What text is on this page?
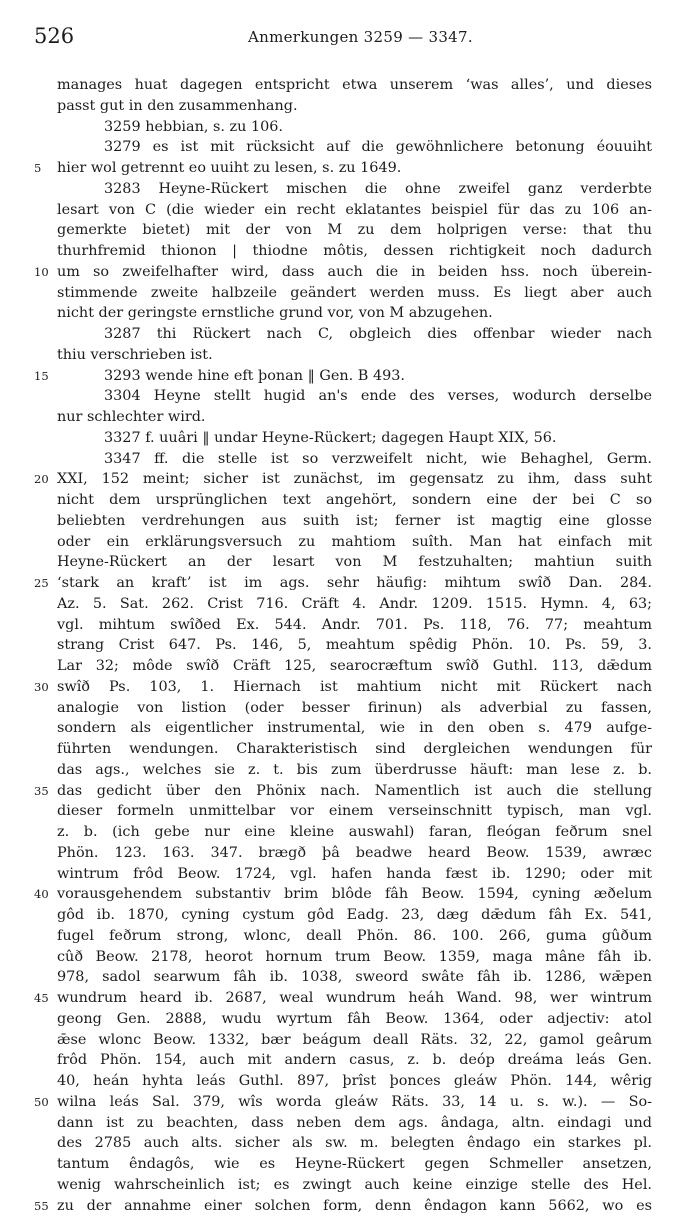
526	Anmerkungen 3259 — 3347.
manages huat dagegen entspricht etwa unserem ‘was alles’, und dieses
passt gut in den zusammenhang.
3259 hebbian, s. zu 106.
3279 es ist mit rücksicht auf die gewöhnlichere betonung éouuiht
5	hier wol getrennt eo uuiht zu lesen, s. zu 1649.
3283 Heyne-Rückert mischen die ohne zweifel ganz verderbte
lesart von C (die wieder ein recht eklatantes beispiel für das zu 106 an-
gemerkte bietet) mit der von M zu dem holprigen verse: that thu
thurhfremid thionon | thiodne môtis, dessen richtigkeit noch dadurch
10 um so zweifelhafter wird, dass auch die in beiden hss. noch überein-
stimmende zweite halbzeile geändert werden muss. Es liegt aber auch
nicht der geringste ernstliche grund vor, von M abzugehen.
3287 thi Rückert nach C, obgleich dies offenbar wieder nach
thiu verschrieben ist.
15	3293 wende hine eft þonan ‖ Gen. B 493.
3304 Heyne stellt hugid an's ende des verses, wodurch derselbe
nur schlechter wird.
3327 f. uuâri ‖ undar Heyne-Rückert; dagegen Haupt XIX, 56.
3347 ff. die stelle ist so verzweifelt nicht, wie Behaghel, Germ.
20 XXI, 152 meint; sicher ist zunächst, im gegensatz zu ihm, dass suht
nicht dem ursprünglichen text angehört, sondern eine der bei C so
beliebten verdrehungen aus suith ist; ferner ist magtig eine glosse
oder ein erklärungsversuch zu mahtiom suîth. Man hat einfach mit
Heyne-Rückert an der lesart von M festzuhalten; mahtiun suith
25 ‘stark an kraft’ ist im ags. sehr häufig: mihtum swîð Dan. 284.
Az. 5. Sat. 262. Crist 716. Cräft 4. Andr. 1209. 1515. Hymn. 4, 63;
vgl. mihtum swîðed Ex. 544. Andr. 701. Ps. 118, 76. 77; meahtum
strang Crist 647. Ps. 146, 5, meahtum spêdig Phön. 10. Ps. 59, 3.
Lar 32; môde swîð Cräft 125, searocræftum swîð Guthl. 113, dǣdum
30 swîð Ps. 103, 1. Hiernach ist mahtium nicht mit Rückert nach
analogie von listion (oder besser firinun) als adverbial zu fassen,
sondern als eigentlicher instrumental, wie in den oben s. 479 aufge-
führten wendungen. Charakteristisch sind dergleichen wendungen für
das ags., welches sie z. t. bis zum überdrusse häuft: man lese z. b.
35 das gedicht über den Phönix nach. Namentlich ist auch die stellung
dieser formeln unmittelbar vor einem verseinschnitt typisch, man vgl.
z. b. (ich gebe nur eine kleine auswahl) faran, fleógan feðrum snel
Phön. 123. 163. 347. brægð þâ beadwe heard Beow. 1539, awræc
wintrum frôd Beow. 1724, vgl. hafen handa fæst ib. 1290; oder mit
40 vorausgehendem substantiv brim blôde fâh Beow. 1594, cyning æðelum
gôd ib. 1870, cyning cystum gôd Eadg. 23, dæg dǣdum fâh Ex. 541,
fugel feðrum strong, wlonc, deall Phön. 86. 100. 266, guma gûðum
cûð Beow. 2178, heorot hornum trum Beow. 1359, maga mâne fâh ib.
978, sadol searwum fâh ib. 1038, sweord swâte fâh ib. 1286, wǣpen
45 wundrum heard ib. 2687, weal wundrum heáh Wand. 98, wer wintrum
geong Gen. 2888, wudu wyrtum fâh Beow. 1364, oder adjectiv: atol
ǣse wlonc Beow. 1332, bær beágum deall Räts. 32, 22, gamol geârum
frôd Phön. 154, auch mit andern casus, z. b. deóp dreáma leás Gen.
40, heán hyhta leás Guthl. 897, þrîst þonces gleáw Phön. 144, wêrig
50 wilna leás Sal. 379, wîs worda gleáw Räts. 33, 14 u. s. w.). — So-
dann ist zu beachten, dass neben dem ags. ândaga, altn. eindagi und
des 2785 auch alts. sicher als sw. m. belegten êndago ein starkes pl.
tantum êndagôs, wie es Heyne-Rückert gegen Schmeller ansetzen,
wenig wahrscheinlich ist; es zwingt auch keine einzige stelle des Hel.
55 zu der annahme einer solchen form, denn êndagon kann 5662, wo es
